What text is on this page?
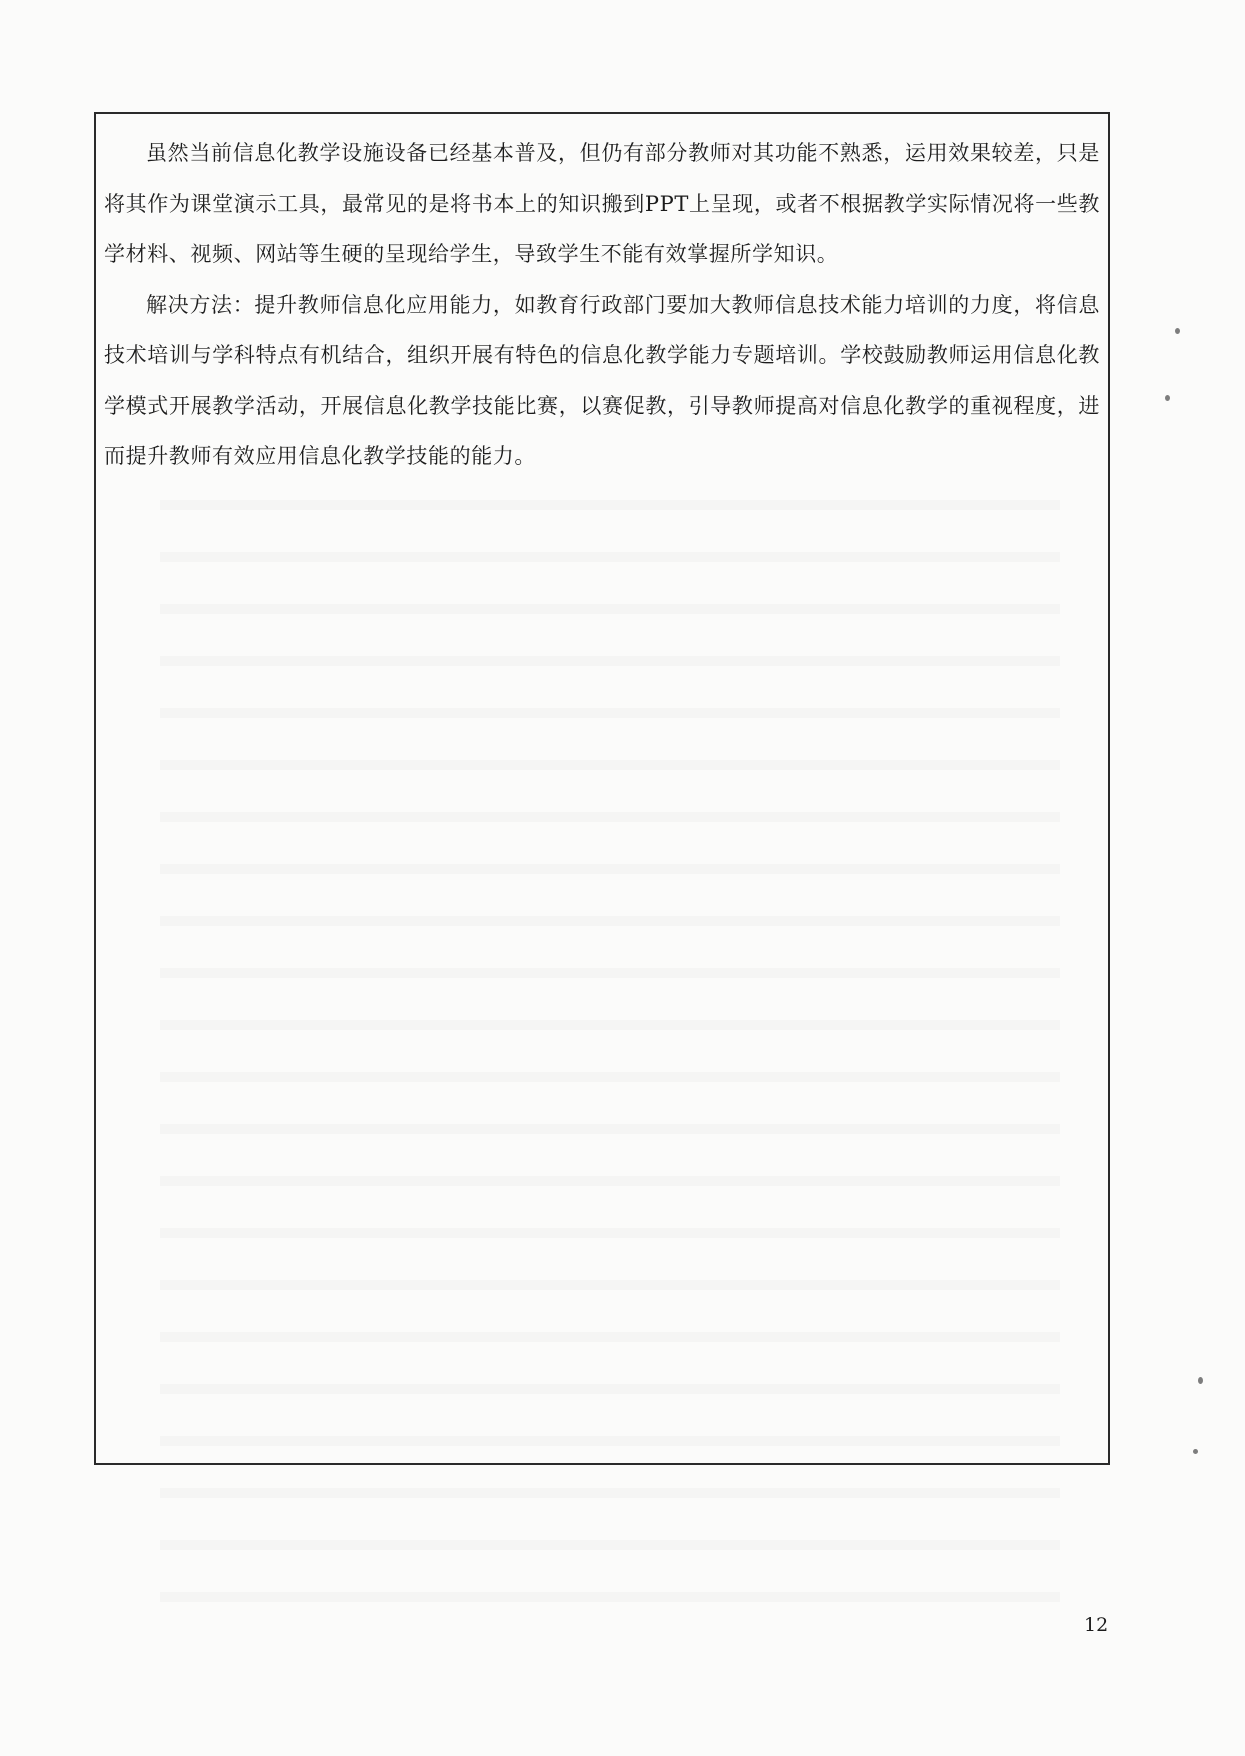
虽然当前信息化教学设施设备已经基本普及，但仍有部分教师对其功能不熟悉，运用效果较差，只是将其作为课堂演示工具，最常见的是将书本上的知识搬到PPT上呈现，或者不根据教学实际情况将一些教学材料、视频、网站等生硬的呈现给学生，导致学生不能有效掌握所学知识。

解决方法：提升教师信息化应用能力，如教育行政部门要加大教师信息技术能力培训的力度，将信息技术培训与学科特点有机结合，组织开展有特色的信息化教学能力专题培训。学校鼓励教师运用信息化教学模式开展教学活动，开展信息化教学技能比赛，以赛促教，引导教师提高对信息化教学的重视程度，进而提升教师有效应用信息化教学技能的能力。

12
